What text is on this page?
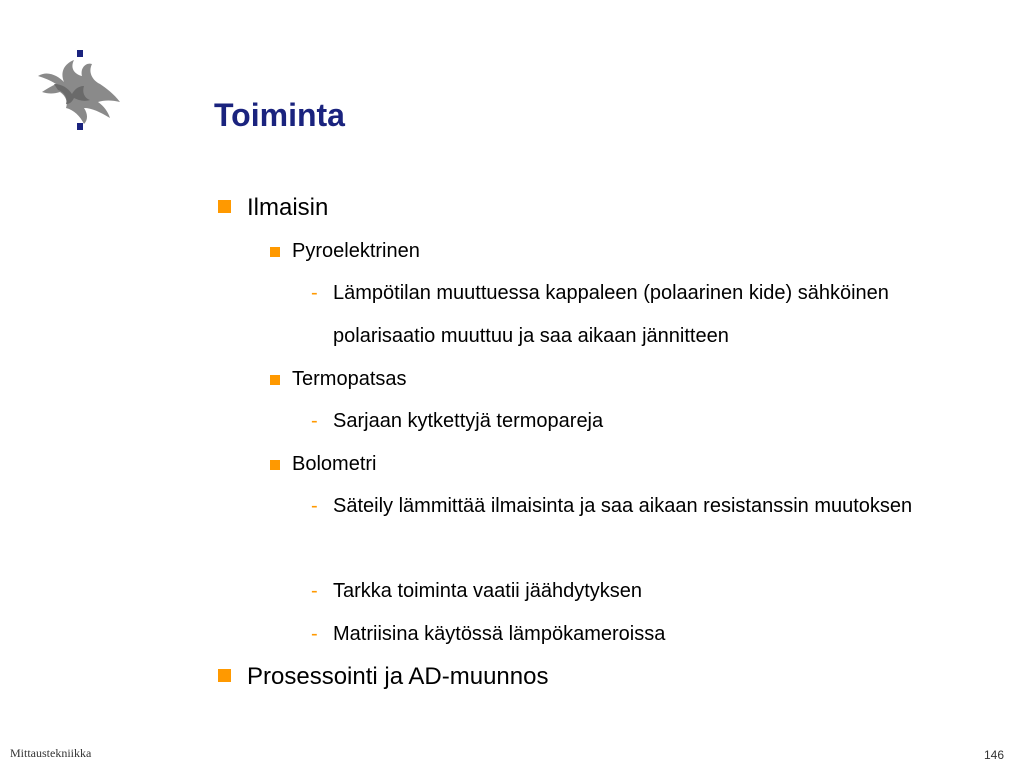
Toiminta
Ilmaisin
Pyroelektrinen
- Lämpötilan muuttuessa kappaleen (polaarinen kide) sähköinen polarisaatio muuttuu ja saa aikaan jännitteen
Termopatsas
- Sarjaan kytkettyjä termopareja
Bolometri
- Säteily lämmittää ilmaisinta ja saa aikaan resistanssin muutoksen
- Tarkka toiminta vaatii jäähdytyksen
- Matriisina käytössä lämpökameroissa
Prosessointi ja AD-muunnos
Mittaustekniikka	146
